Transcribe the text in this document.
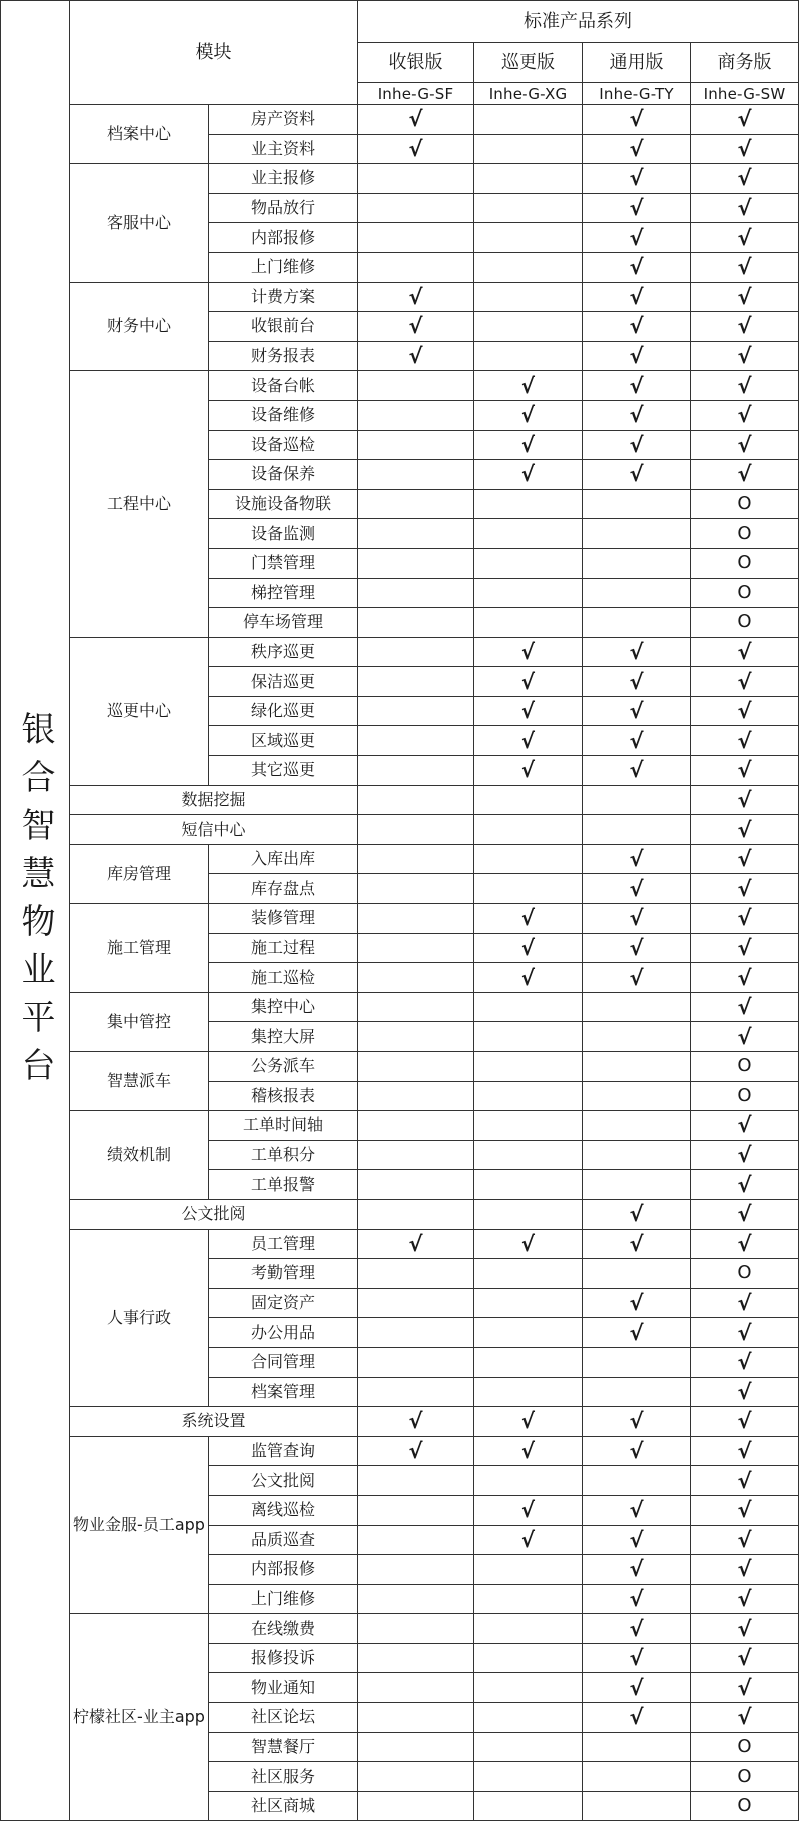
银合智慧物业平台	模块		标准产品系列			
			收银版	巡更版	通用版	商务版
			Inhe-G-SF	Inhe-G-XG	Inhe-G-TY	Inhe-G-SW
	档案中心	房产资料	√		√	√
		业主资料	√		√	√
	客服中心	业主报修			√	√
		物品放行			√	√
		内部报修			√	√
		上门维修			√	√
	财务中心	计费方案	√		√	√
		收银前台	√		√	√
		财务报表	√		√	√
	工程中心	设备台帐		√	√	√
		设备维修		√	√	√
		设备巡检		√	√	√
		设备保养		√	√	√
		设施设备物联				O
		设备监测				O
		门禁管理				O
		梯控管理				O
		停车场管理				O
	巡更中心	秩序巡更		√	√	√
		保洁巡更		√	√	√
		绿化巡更		√	√	√
		区域巡更		√	√	√
		其它巡更		√	√	√
	数据挖掘					√
	短信中心					√
	库房管理	入库出库			√	√
		库存盘点			√	√
	施工管理	装修管理		√	√	√
		施工过程		√	√	√
		施工巡检		√	√	√
	集中管控	集控中心				√
		集控大屏				√
	智慧派车	公务派车				O
		稽核报表				O
	绩效机制	工单时间轴				√
		工单积分				√
		工单报警				√
	公文批阅				√	√
	人事行政	员工管理	√	√	√	√
		考勤管理				O
		固定资产			√	√
		办公用品			√	√
		合同管理				√
		档案管理				√
	系统设置		√	√	√	√
	物业金服-员工app	监管查询	√	√	√	√
		公文批阅				√
		离线巡检		√	√	√
		品质巡查		√	√	√
		内部报修			√	√
		上门维修			√	√
	柠檬社区-业主app	在线缴费			√	√
		报修投诉			√	√
		物业通知			√	√
		社区论坛			√	√
		智慧餐厅				O
		社区服务				O
		社区商城				O
